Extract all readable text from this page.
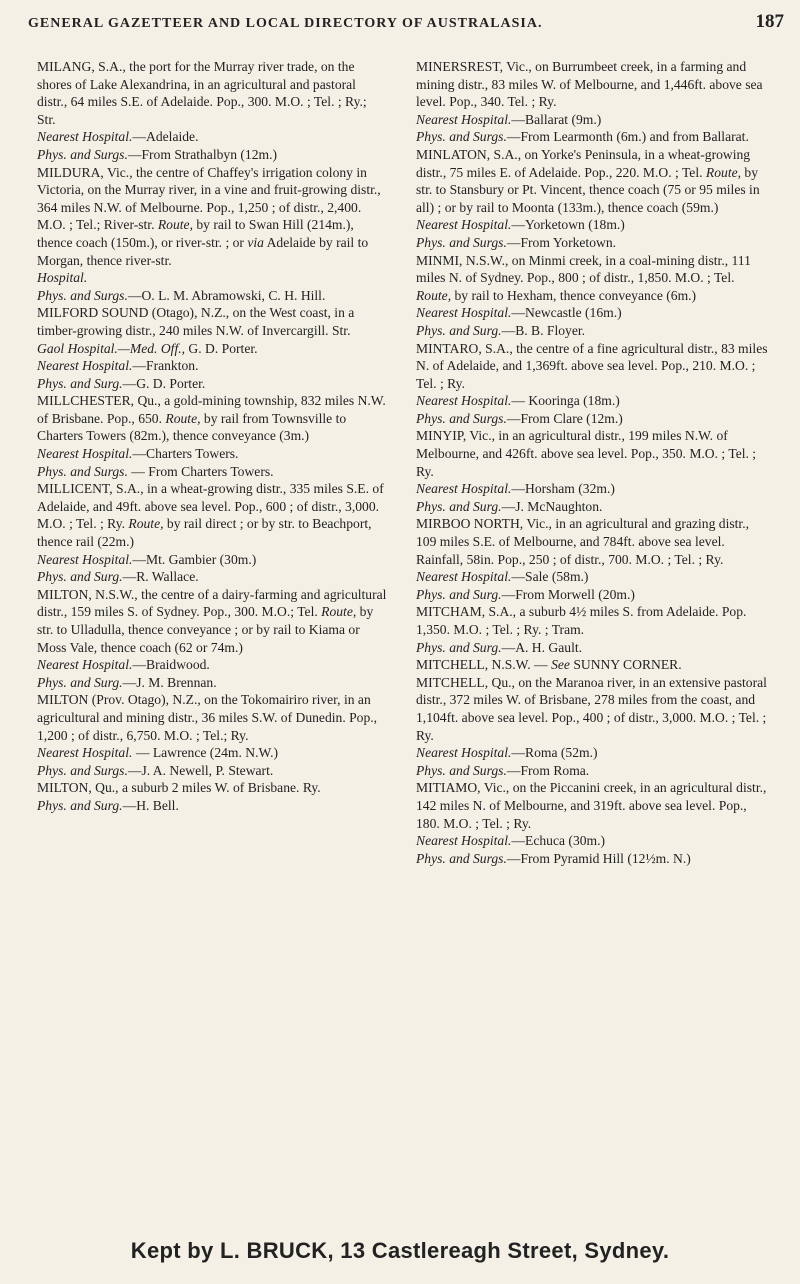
GENERAL GAZETTEER AND LOCAL DIRECTORY OF AUSTRALASIA.	187

MILANG, S.A., the port for the Murray river trade, on the shores of Lake Alexandrina, in an agricultural and pastoral distr., 64 miles S.E. of Adelaide. Pop., 300. M.O. ; Tel. ; Ry.; Str.

Nearest Hospital.—Adelaide.

Phys. and Surgs.—From Strathalbyn (12m.)

MILDURA, Vic., the centre of Chaffey's irrigation colony in Victoria, on the Murray river, in a vine and fruit-growing distr., 364 miles N.W. of Melbourne. Pop., 1,250 ; of distr., 2,400. M.O. ; Tel.; River-str. Route, by rail to Swan Hill (214m.), thence coach (150m.), or river-str. ; or via Adelaide by rail to Morgan, thence river-str.

Hospital.

Phys. and Surgs.—O. L. M. Abramowski, C. H. Hill.

MILFORD SOUND (Otago), N.Z., on the West coast, in a timber-growing distr., 240 miles N.W. of Invercargill. Str.

Gaol Hospital.—Med. Off., G. D. Porter.

Nearest Hospital.—Frankton.

Phys. and Surg.—G. D. Porter.

MILLCHESTER, Qu., a gold-mining township, 832 miles N.W. of Brisbane. Pop., 650. Route, by rail from Townsville to Charters Towers (82m.), thence conveyance (3m.)

Nearest Hospital.—Charters Towers.

Phys. and Surgs. — From Charters Towers.

MILLICENT, S.A., in a wheat-growing distr., 335 miles S.E. of Adelaide, and 49ft. above sea level. Pop., 600 ; of distr., 3,000. M.O. ; Tel. ; Ry. Route, by rail direct ; or by str. to Beachport, thence rail (22m.)

Nearest Hospital.—Mt. Gambier (30m.)

Phys. and Surg.—R. Wallace.

MILTON, N.S.W., the centre of a dairy-farming and agricultural distr., 159 miles S. of Sydney. Pop., 300. M.O.; Tel. Route, by str. to Ulladulla, thence conveyance ; or by rail to Kiama or Moss Vale, thence coach (62 or 74m.)

Nearest Hospital.—Braidwood.

Phys. and Surg.—J. M. Brennan.

MILTON (Prov. Otago), N.Z., on the Tokomairiro river, in an agricultural and mining distr., 36 miles S.W. of Dunedin. Pop., 1,200 ; of distr., 6,750. M.O. ; Tel.; Ry.

Nearest Hospital. — Lawrence (24m. N.W.)

Phys. and Surgs.—J. A. Newell, P. Stewart.

MILTON, Qu., a suburb 2 miles W. of Brisbane. Ry.

Phys. and Surg.—H. Bell.

MINERSREST, Vic., on Burrumbeet creek, in a farming and mining distr., 83 miles W. of Melbourne, and 1,446ft. above sea level. Pop., 340. Tel. ; Ry.

Nearest Hospital.—Ballarat (9m.)

Phys. and Surgs.—From Learmonth (6m.) and from Ballarat.

MINLATON, S.A., on Yorke's Peninsula, in a wheat-growing distr., 75 miles E. of Adelaide. Pop., 220. M.O. ; Tel. Route, by str. to Stansbury or Pt. Vincent, thence coach (75 or 95 miles in all) ; or by rail to Moonta (133m.), thence coach (59m.)

Nearest Hospital.—Yorketown (18m.)

Phys. and Surgs.—From Yorketown.

MINMI, N.S.W., on Minmi creek, in a coal-mining distr., 111 miles N. of Sydney. Pop., 800 ; of distr., 1,850. M.O. ; Tel. Route, by rail to Hexham, thence conveyance (6m.)

Nearest Hospital.—Newcastle (16m.)

Phys. and Surg.—B. B. Floyer.

MINTARO, S.A., the centre of a fine agricultural distr., 83 miles N. of Adelaide, and 1,369ft. above sea level. Pop., 210. M.O. ; Tel. ; Ry.

Nearest Hospital.— Kooringa (18m.)

Phys. and Surgs.—From Clare (12m.)

MINYIP, Vic., in an agricultural distr., 199 miles N.W. of Melbourne, and 426ft. above sea level. Pop., 350. M.O. ; Tel. ; Ry.

Nearest Hospital.—Horsham (32m.)

Phys. and Surg.—J. McNaughton.

MIRBOO NORTH, Vic., in an agricultural and grazing distr., 109 miles S.E. of Melbourne, and 784ft. above sea level. Rainfall, 58in. Pop., 250 ; of distr., 700. M.O. ; Tel. ; Ry.

Nearest Hospital.—Sale (58m.)

Phys. and Surg.—From Morwell (20m.)

MITCHAM, S.A., a suburb 4½ miles S. from Adelaide. Pop. 1,350. M.O. ; Tel. ; Ry. ; Tram.

Phys. and Surg.—A. H. Gault.

MITCHELL, N.S.W. — See SUNNY CORNER.

MITCHELL, Qu., on the Maranoa river, in an extensive pastoral distr., 372 miles W. of Brisbane, 278 miles from the coast, and 1,104ft. above sea level. Pop., 400 ; of distr., 3,000. M.O. ; Tel. ; Ry.

Nearest Hospital.—Roma (52m.)

Phys. and Surgs.—From Roma.

MITIAMO, Vic., on the Piccanini creek, in an agricultural distr., 142 miles N. of Melbourne, and 319ft. above sea level. Pop., 180. M.O. ; Tel. ; Ry.

Nearest Hospital.—Echuca (30m.)

Phys. and Surgs.—From Pyramid Hill (12½m. N.)

Kept by L. BRUCK, 13 Castlereagh Street, Sydney.
